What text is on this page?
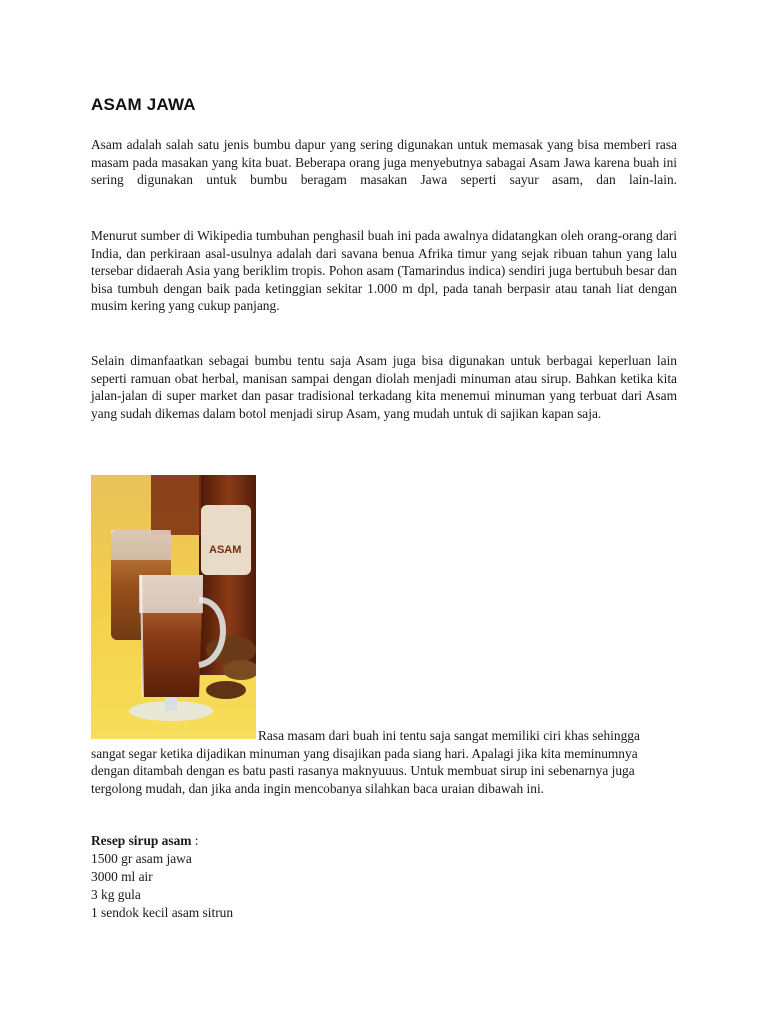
ASAM JAWA

Asam adalah salah satu jenis bumbu dapur yang sering digunakan untuk memasak yang bisa memberi rasa masam pada masakan yang kita buat. Beberapa orang juga menyebutnya sabagai Asam Jawa karena buah ini sering digunakan untuk bumbu beragam masakan Jawa seperti sayur asam, dan lain-lain.

Menurut sumber di Wikipedia tumbuhan penghasil buah ini pada awalnya didatangkan oleh orang-orang dari India, dan perkiraan asal-usulnya adalah dari savana benua Afrika timur yang sejak ribuan tahun yang lalu tersebar didaerah Asia yang beriklim tropis. Pohon asam (Tamarindus indica) sendiri juga bertubuh besar dan bisa tumbuh dengan baik pada ketinggian sekitar 1.000 m dpl, pada tanah berpasir atau tanah liat dengan musim kering yang cukup panjang.

Selain dimanfaatkan sebagai bumbu tentu saja Asam juga bisa digunakan untuk berbagai keperluan lain seperti ramuan obat herbal, manisan sampai dengan diolah menjadi minuman atau sirup. Bahkan ketika kita jalan-jalan di super market dan pasar tradisional terkadang kita menemui minuman yang terbuat dari Asam yang sudah dikemas dalam botol menjadi sirup Asam, yang mudah untuk di sajikan kapan saja.

ASAM

Rasa masam dari buah ini tentu saja sangat memiliki ciri khas sehingga sangat segar ketika dijadikan minuman yang disajikan pada siang hari. Apalagi jika kita meminumnya dengan ditambah dengan es batu pasti rasanya maknyuuus. Untuk membuat sirup ini sebenarnya juga tergolong mudah, dan jika anda ingin mencobanya silahkan baca uraian dibawah ini.

Resep sirup asam :

1500 gr asam jawa
3000 ml air
3 kg gula
1 sendok kecil asam sitrun
